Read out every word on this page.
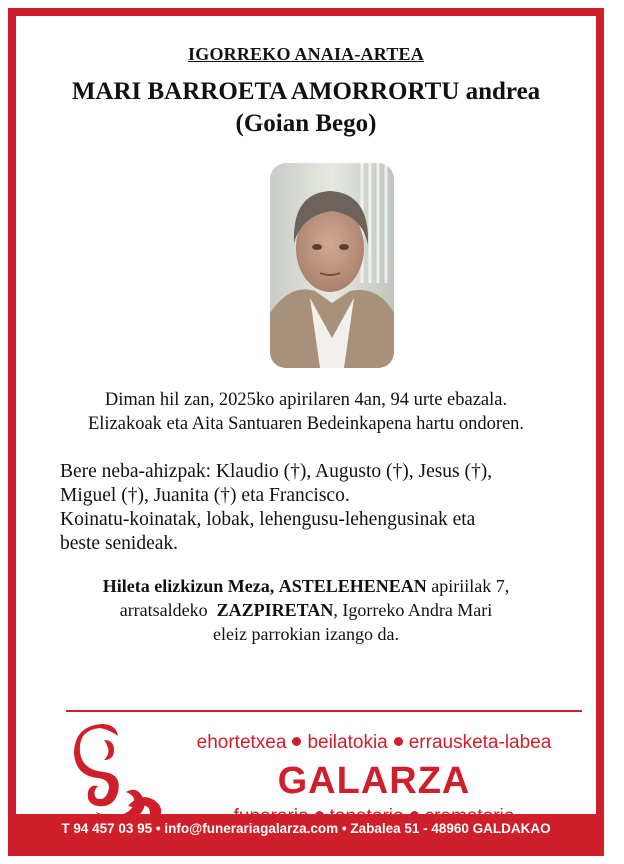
IGORREKO ANAIA-ARTEA
MARI BARROETA AMORRORTU andrea
(Goian Bego)
Diman hil zan, 2025ko apirilaren 4an, 94 urte ebazala.
Elizakoak eta Aita Santuaren Bedeinkapena hartu ondoren.
Bere neba-ahizpak: Klaudio (†), Augusto (†), Jesus (†),
Miguel (†), Juanita (†) eta Francisco.
Koinatu-koinatak, lobak, lehengusu-lehengusinak eta
beste senideak.
Hileta elizkizun Meza, ASTELEHENEAN apiriilak 7,
arratsaldeko  ZAZPIRETAN, Igorreko Andra Mari
eleiz parrokian izango da.
ehortetxea beilatokia errausketa-labea
GALARZA
T 94 457 03 95 • info@funerariagalarza.com • Zabalea 51 - 48960 GALDAKAO
